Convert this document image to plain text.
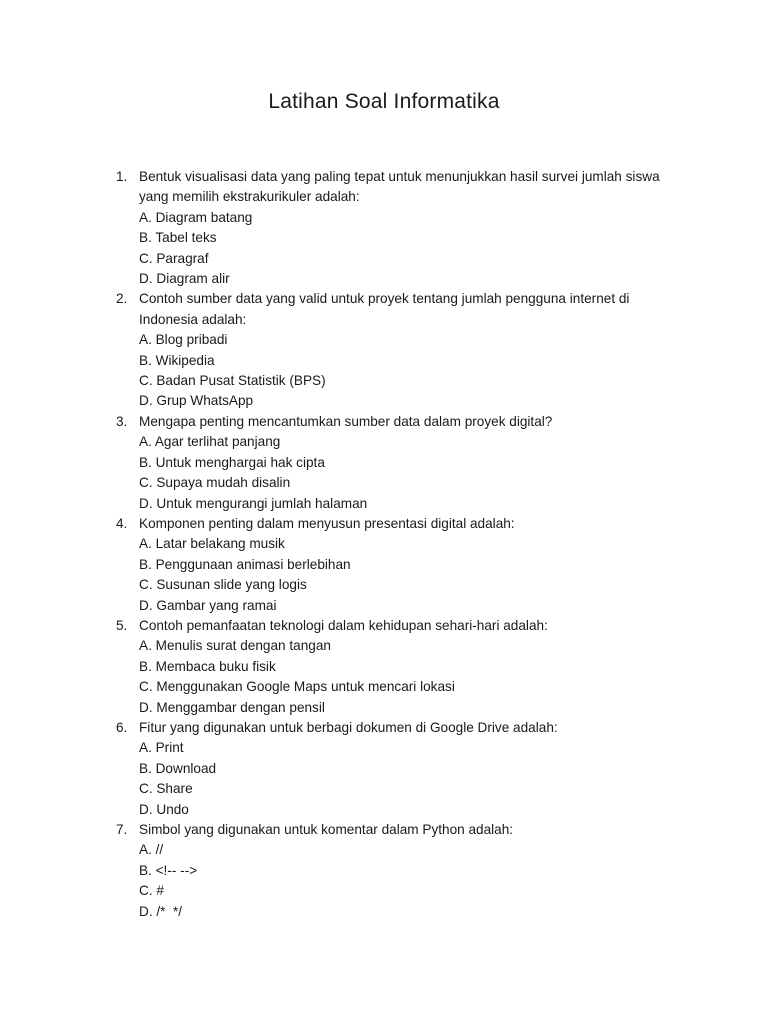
Latihan Soal Informatika
1. Bentuk visualisasi data yang paling tepat untuk menunjukkan hasil survei jumlah siswa yang memilih ekstrakurikuler adalah:
A. Diagram batang
B. Tabel teks
C. Paragraf
D. Diagram alir
2. Contoh sumber data yang valid untuk proyek tentang jumlah pengguna internet di Indonesia adalah:
A. Blog pribadi
B. Wikipedia
C. Badan Pusat Statistik (BPS)
D. Grup WhatsApp
3. Mengapa penting mencantumkan sumber data dalam proyek digital?
A. Agar terlihat panjang
B. Untuk menghargai hak cipta
C. Supaya mudah disalin
D. Untuk mengurangi jumlah halaman
4. Komponen penting dalam menyusun presentasi digital adalah:
A. Latar belakang musik
B. Penggunaan animasi berlebihan
C. Susunan slide yang logis
D. Gambar yang ramai
5. Contoh pemanfaatan teknologi dalam kehidupan sehari-hari adalah:
A. Menulis surat dengan tangan
B. Membaca buku fisik
C. Menggunakan Google Maps untuk mencari lokasi
D. Menggambar dengan pensil
6. Fitur yang digunakan untuk berbagi dokumen di Google Drive adalah:
A. Print
B. Download
C. Share
D. Undo
7. Simbol yang digunakan untuk komentar dalam Python adalah:
A. //
B. <!-- -->
C. #
D. /*  */
